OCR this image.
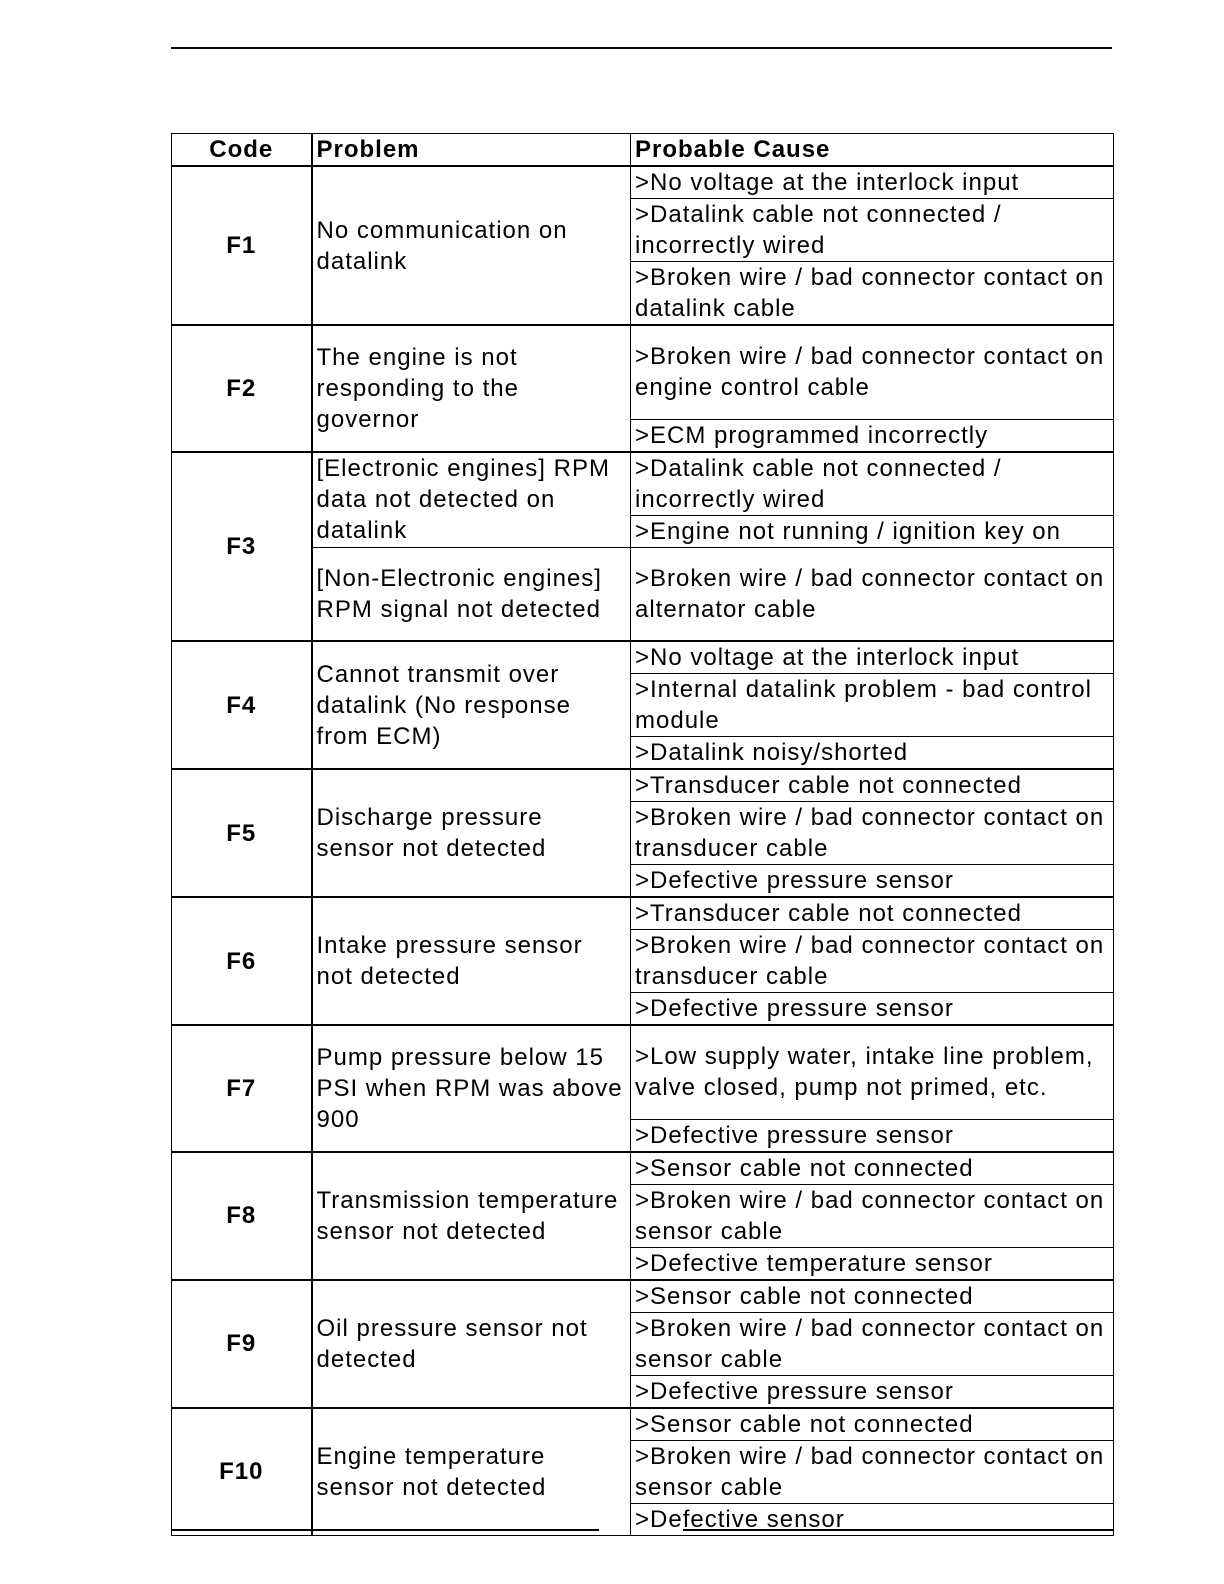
Code	Problem	Probable Cause
F1	No communication on datalink	>No voltage at the interlock input
		>Datalink cable not connected / incorrectly wired
		>Broken wire / bad connector contact on datalink cable
F2	The engine is not responding to the governor	>Broken wire / bad connector contact on engine control cable
		>ECM programmed incorrectly
F3	[Electronic engines] RPM data not detected on datalink	>Datalink cable not connected / incorrectly wired
		>Engine not running / ignition key on
	[Non-Electronic engines] RPM signal not detected	>Broken wire / bad connector contact on alternator cable
F4	Cannot transmit over datalink (No response from ECM)	>No voltage at the interlock input
		>Internal datalink problem - bad control module
		>Datalink noisy/shorted
F5	Discharge pressure sensor not detected	>Transducer cable not connected
		>Broken wire / bad connector contact on transducer cable
		>Defective pressure sensor
F6	Intake pressure sensor not detected	>Transducer cable not connected
		>Broken wire / bad connector contact on transducer cable
		>Defective pressure sensor
F7	Pump pressure below 15 PSI when RPM was above 900	>Low supply water, intake line problem, valve closed, pump not primed, etc.
		>Defective pressure sensor
F8	Transmission temperature sensor not detected	>Sensor cable not connected
		>Broken wire / bad connector contact on sensor cable
		>Defective temperature sensor
F9	Oil pressure sensor not detected	>Sensor cable not connected
		>Broken wire / bad connector contact on sensor cable
		>Defective pressure sensor
F10	Engine temperature sensor not detected	>Sensor cable not connected
		>Broken wire / bad connector contact on sensor cable
		>Defective sensor
